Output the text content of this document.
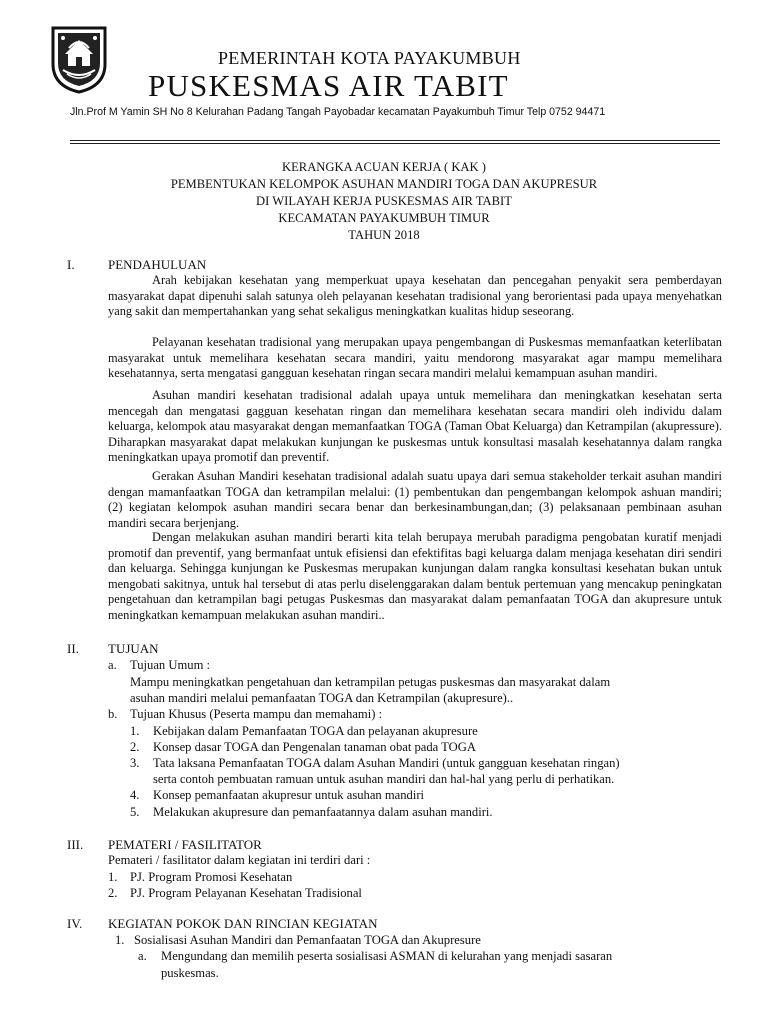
PEMERINTAH KOTA PAYAKUMBUH
PUSKESMAS AIR TABIT
Jln.Prof M Yamin SH No 8 Kelurahan Padang Tangah Payobadar kecamatan Payakumbuh Timur Telp 0752 94471
KERANGKA ACUAN KERJA ( KAK )
PEMBENTUKAN KELOMPOK ASUHAN MANDIRI TOGA DAN AKUPRESUR
DI WILAYAH KERJA PUSKESMAS AIR TABIT
KECAMATAN PAYAKUMBUH TIMUR
TAHUN 2018
I.	PENDAHULUAN

Arah kebijakan kesehatan yang memperkuat upaya kesehatan dan pencegahan penyakit sera pemberdayan masyarakat dapat dipenuhi salah satunya oleh pelayanan kesehatan tradisional yang berorientasi pada upaya menyehatkan yang sakit dan mempertahankan yang sehat sekaligus meningkatkan kualitas hidup seseorang.

Pelayanan kesehatan tradisional yang merupakan upaya pengembangan di Puskesmas memanfaatkan keterlibatan masyarakat untuk memelihara kesehatan secara mandiri, yaitu mendorong masyarakat agar mampu memelihara kesehatannya, serta mengatasi gangguan kesehatan ringan secara mandiri melalui kemampuan asuhan mandiri.

Asuhan mandiri kesehatan tradisional adalah upaya untuk memelihara dan meningkatkan kesehatan serta mencegah dan mengatasi gagguan kesehatan ringan dan memelihara kesehatan secara mandiri oleh individu dalam keluarga, kelompok atau masyarakat dengan memanfaatkan TOGA (Taman Obat Keluarga) dan Ketrampilan (akupressure). Diharapkan masyarakat dapat melakukan kunjungan ke puskesmas untuk konsultasi masalah kesehatannya dalam rangka meningkatkan upaya promotif dan preventif.

Gerakan Asuhan Mandiri kesehatan tradisional adalah suatu upaya dari semua stakeholder terkait asuhan mandiri dengan mamanfaatkan TOGA dan ketrampilan melalui: (1) pembentukan dan pengembangan kelompok ashuan mandiri; (2) kegiatan kelompok asuhan mandiri secara benar dan berkesinambungan,dan; (3) pelaksanaan pembinaan asuhan mandiri secara berjenjang.

Dengan melakukan asuhan mandiri berarti kita telah berupaya merubah paradigma pengobatan kuratif menjadi promotif dan preventif, yang bermanfaat untuk efisiensi dan efektifitas bagi keluarga dalam menjaga kesehatan diri sendiri dan keluarga. Sehingga kunjungan ke Puskesmas merupakan kunjungan dalam rangka konsultasi kesehatan bukan untuk mengobati sakitnya, untuk hal tersebut di atas perlu diselenggarakan dalam bentuk pertemuan yang mencakup peningkatan pengetahuan dan ketrampilan bagi petugas Puskesmas dan masyarakat dalam pemanfaatan TOGA dan akupresure untuk meningkatkan kemampuan melakukan asuhan mandiri..

II. TUJUAN
a. Tujuan Umum :
Mampu meningkatkan pengetahuan dan ketrampilan petugas puskesmas dan masyarakat dalam
asuhan mandiri melalui pemanfaatan TOGA dan Ketrampilan (akupresure)..
b. Tujuan Khusus (Peserta mampu dan memahami) :
1. Kebijakan dalam Pemanfaatan TOGA dan pelayanan akupresure
2. Konsep dasar TOGA dan Pengenalan tanaman obat pada TOGA
3. Tata laksana Pemanfaatan TOGA dalam Asuhan Mandiri (untuk gangguan kesehatan ringan)
serta contoh pembuatan ramuan untuk asuhan mandiri dan hal-hal yang perlu di perhatikan.
4. Konsep pemanfaatan akupresur untuk asuhan mandiri
5. Melakukan akupresure dan pemanfaatannya dalam asuhan mandiri.
III. PEMATERI / FASILITATOR
Pemateri / fasilitator dalam kegiatan ini terdiri dari :
1. PJ. Program Promosi Kesehatan
2. PJ. Program Pelayanan Kesehatan Tradisional
IV. KEGIATAN POKOK DAN RINCIAN KEGIATAN
1. Sosialisasi Asuhan Mandiri dan Pemanfaatan TOGA dan Akupresure
a. Mengundang dan memilih peserta sosialisasi ASMAN di kelurahan yang menjadi sasaran
puskesmas.
